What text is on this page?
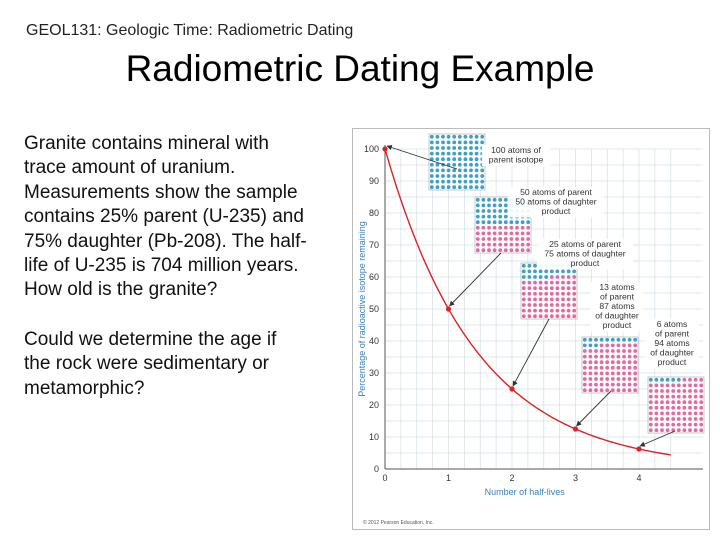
GEOL131: Geologic Time: Radiometric Dating
Radiometric Dating Example

Granite contains mineral with
trace amount of uranium.
Measurements show the sample
contains 25% parent (U-235) and
75% daughter (Pb-208). The half-
life of U-235 is 704 million years.
How old is the granite?

Could we determine the age if
the rock were sedimentary or
metamorphic?

0
10
20
30
40
50
60
70
80
90
100
0	1	2	3	4
Number of half-lives
Percentage of radioactive isotope remaining
100 atoms of
parent isotope
50 atoms of parent
50 atoms of daughter
product
25 atoms of parent
75 atoms of daughter
product
13 atoms
of parent
87 atoms
of daughter
product	6 atoms
of parent
94 atoms
of daughter
product
© 2012 Pearson Education, Inc.
